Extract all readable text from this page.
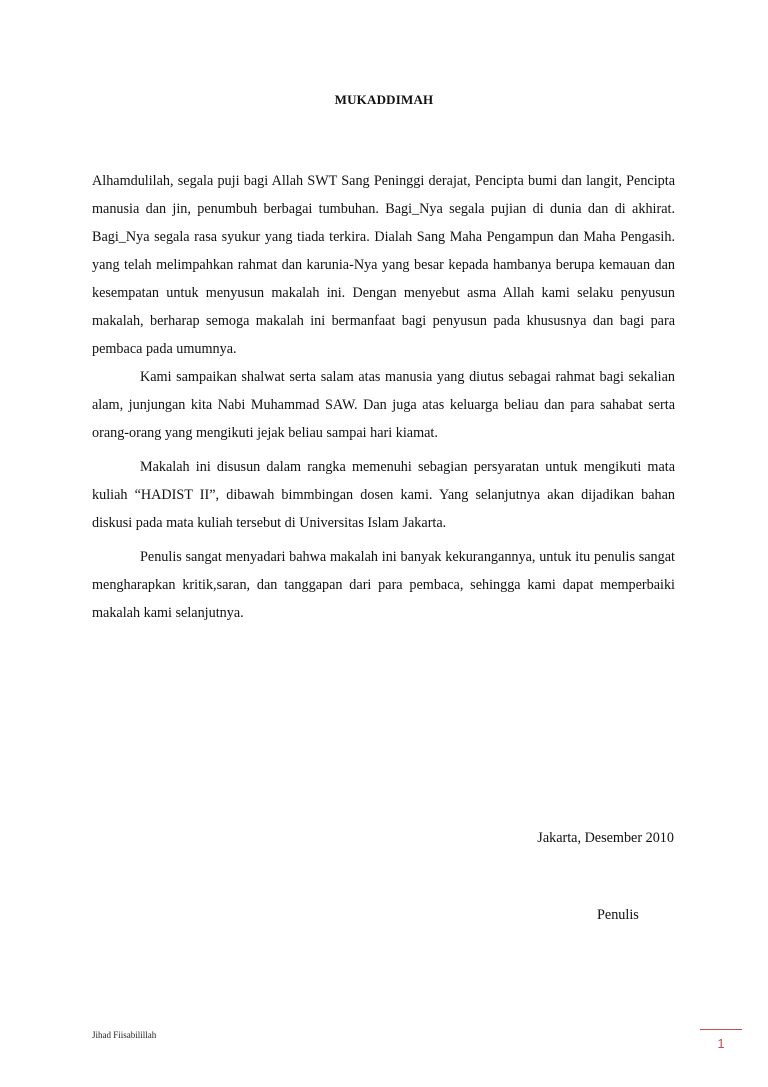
MUKADDIMAH

Alhamdulilah, segala puji bagi Allah SWT Sang Peninggi derajat, Pencipta bumi dan langit, Pencipta manusia dan jin, penumbuh berbagai tumbuhan. Bagi_Nya segala pujian di dunia dan di akhirat. Bagi_Nya segala rasa syukur yang tiada terkira. Dialah Sang Maha Pengampun dan Maha Pengasih. yang telah melimpahkan rahmat dan karunia-Nya yang besar kepada hambanya berupa kemauan dan kesempatan untuk menyusun makalah ini. Dengan menyebut asma Allah kami selaku penyusun makalah, berharap semoga makalah ini bermanfaat bagi penyusun pada khususnya dan bagi para pembaca pada umumnya.

Kami sampaikan shalwat serta salam atas manusia yang diutus sebagai rahmat bagi sekalian alam, junjungan kita Nabi Muhammad SAW. Dan juga atas keluarga beliau dan para sahabat serta orang-orang yang mengikuti jejak beliau sampai hari kiamat.

Makalah ini disusun dalam rangka memenuhi sebagian persyaratan untuk mengikuti mata kuliah “HADIST II”, dibawah bimmbingan dosen kami. Yang selanjutnya akan dijadikan bahan diskusi pada mata kuliah tersebut di Universitas Islam Jakarta.

Penulis sangat menyadari bahwa makalah ini banyak kekurangannya, untuk itu penulis sangat mengharapkan kritik,saran, dan tanggapan dari para pembaca, sehingga kami dapat memperbaiki makalah kami selanjutnya.

Jakarta, Desember 2010
Penulis
Jihad Fiisabilillah
1
